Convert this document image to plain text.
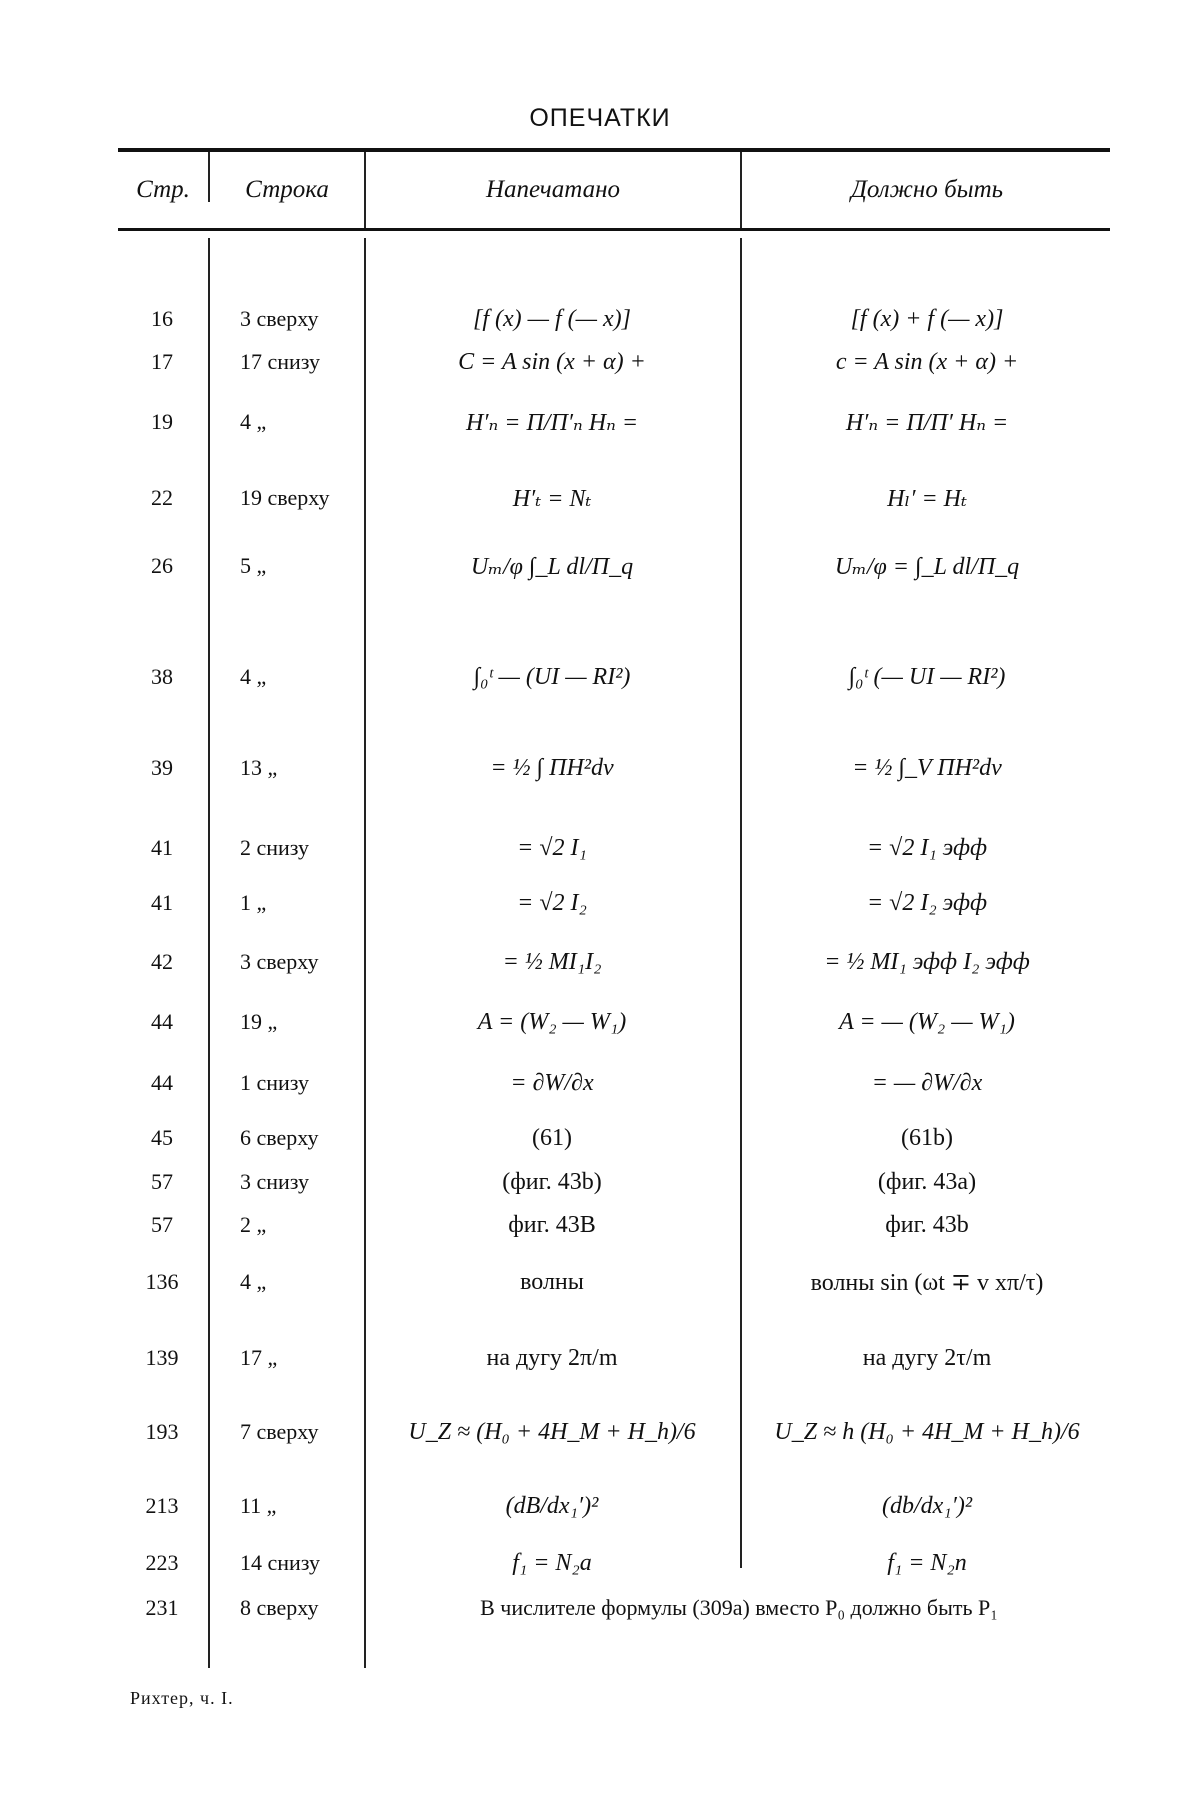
ОПЕЧАТКИ
Стр.	Строка	Напечатано	Должно быть
16	3 сверху	[f (x) — f (— x)]	[f (x) + f (— x)]
17	17 снизу	C = A sin (x + α) +	c = A sin (x + α) +
19	4 „	H′ₙ = Π/Π′ₙ Hₙ =	H′ₙ = Π/Π′ Hₙ =
22	19 сверху	H′ₜ = Nₜ	Hₗ′ = Hₜ
26	5 „	Uₘ/φ ∫_L dl/Π_q	Uₘ/φ = ∫_L dl/Π_q
38	4 „	∫₀ᵗ — (UI — RI²)	∫₀ᵗ (— UI — RI²)
39	13 „	= ½ ∫ ΠH²dv	= ½ ∫_V ΠH²dv
41	2 снизу	= √2 I₁	= √2 I₁ эфф
41	1 „	= √2 I₂	= √2 I₂ эфф
42	3 сверху	= ½ MI₁I₂	= ½ MI₁ эфф I₂ эфф
44	19 „	A = (W₂ — W₁)	A = — (W₂ — W₁)
44	1 снизу	= ∂W/∂x	= — ∂W/∂x
45	6 сверху	(61)	(61b)
57	3 снизу	(фиг. 43b)	(фиг. 43a)
57	2 „	фиг. 43B	фиг. 43b
136	4 „	волны	волны sin (ωt ∓ v xπ/τ)
139	17 „	на дугу 2π/m	на дугу 2τ/m
193	7 сверху	U_Z ≈ (H₀ + 4H_M + H_h)/6	U_Z ≈ h (H₀ + 4H_M + H_h)/6
213	11 „	(dB/dx₁′)²	(db/dx₁′)²
223	14 снизу	f₁ = N₂a	f₁ = N₂n
231	8 сверху	В числителе формулы (309а) вместо P₀ должно быть P₁
Рихтер, ч. I.
